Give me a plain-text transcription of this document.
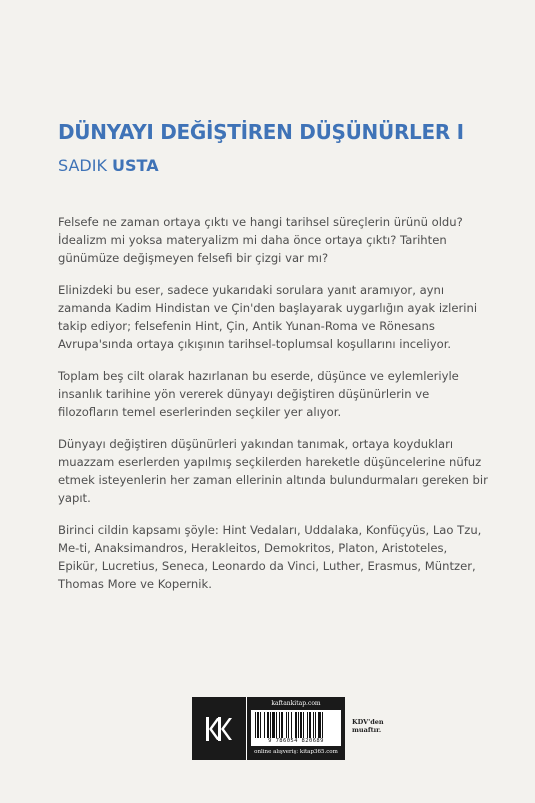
DÜNYAYI DEĞİŞTİREN DÜŞÜNÜRLER I
SADIK USTA

Felsefe ne zaman ortaya çıktı ve hangi tarihsel süreçlerin ürünü oldu? İdealizm mi yoksa materyalizm mi daha önce ortaya çıktı? Tarihten günümüze değişmeyen felsefi bir çizgi var mı?

Elinizdeki bu eser, sadece yukarıdaki sorulara yanıt aramıyor, aynı zamanda Kadim Hindistan ve Çin'den başlayarak uygarlığın ayak izlerini takip ediyor; felsefenin Hint, Çin, Antik Yunan-Roma ve Rönesans Avrupa'sında ortaya çıkışının tarihsel-toplumsal koşullarını inceliyor.

Toplam beş cilt olarak hazırlanan bu eserde, düşünce ve eylemleriyle insanlık tarihine yön vererek dünyayı değiştiren düşünürlerin ve filozofların temel eserlerinden seçkiler yer alıyor.

Dünyayı değiştiren düşünürleri yakından tanımak, ortaya koydukları muazzam eserlerden yapılmış seçkilerden hareketle düşüncelerine nüfuz etmek isteyenlerin her zaman ellerinin altında bulundurmaları gereken bir yapıt.

Birinci cildin kapsamı şöyle: Hint Vedaları, Uddalaka, Konfüçyüs, Lao Tzu, Me-ti, Anaksimandros, Herakleitos, Demokritos, Platon, Aristoteles, Epikür, Lucretius, Seneca, Leonardo da Vinci, Luther, Erasmus, Müntzer, Thomas More ve Kopernik.

kaftankitap.com
9 786054 820689
online alışveriş: kitap365.com
KDV'den
muaftır.
